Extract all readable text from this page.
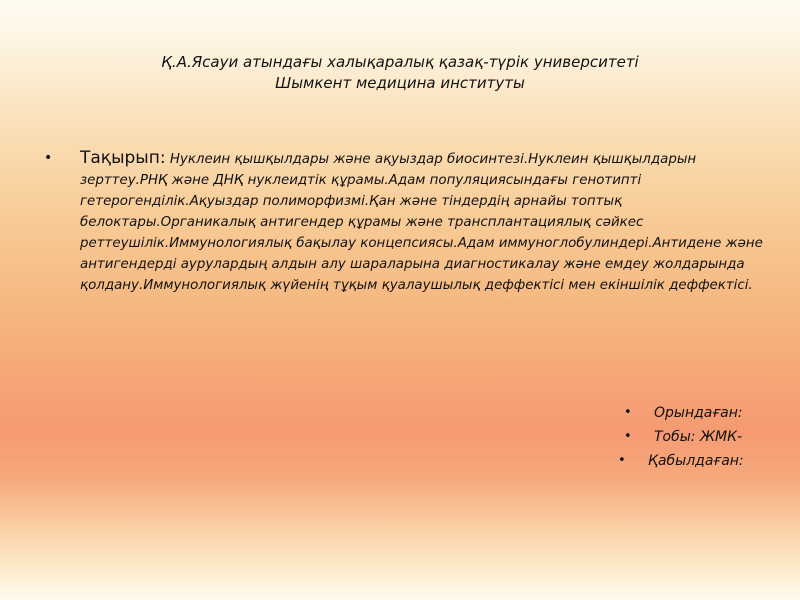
Қ.А.Ясауи атындағы халықаралық қазақ-түрік университеті
Шымкент медицина институты
• Тақырып: Нуклеин қышқылдары және ақуыздар биосинтезі.Нуклеин қышқылдарын зерттеу.РНҚ және ДНҚ нуклеидтік құрамы.Адам популяциясындағы генотипті гетерогенділік.Ақуыздар полиморфизмі.Қан және тіндердің арнайы топтық белоктары.Органикалық антигендер құрамы және трансплантациялық сәйкес реттеушілік.Иммунологиялық бақылау концепсиясы.Адам иммуноглобулиндері.Антидене және антигендерді аурулардың алдын алу шараларына диагностикалау және емдеу жолдарында қолдану.Иммунологиялық жүйенің тұқым қуалаушылық деффектісі мен екіншілік деффектісі.
• Орындаған:
• Тобы: ЖМК-
• Қабылдаған:
